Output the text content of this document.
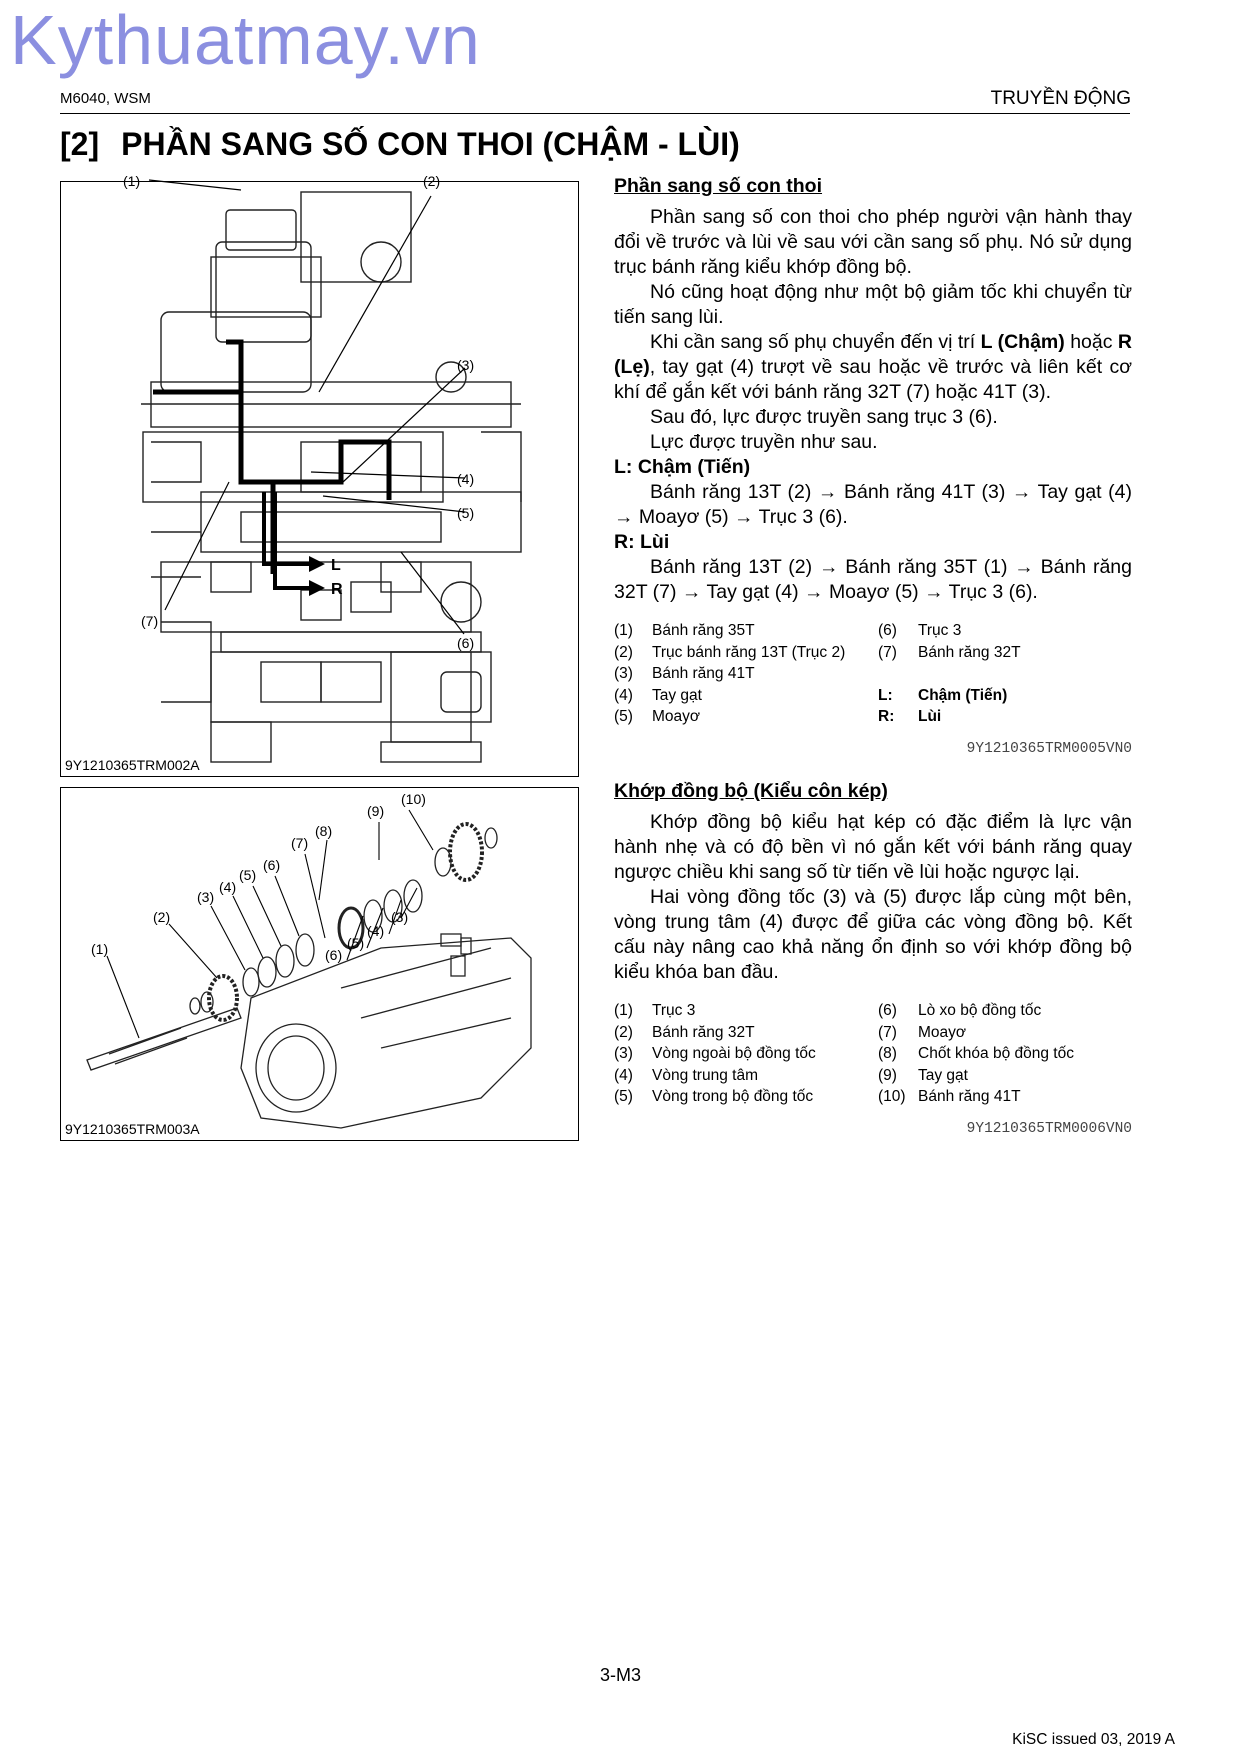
Kythuatmay.vn
M6040, WSM	TRUYỀN ĐỘNG
[2] PHẦN SANG SỐ CON THOI (CHẬM - LÙI)
(1)	(2)
(3)
(4)
(5)
(6)
(7)
L
R
9Y1210365TRM002A
(1)
(2)
(3)
(4)
(5)
(6)
(7)
(8)
(9)
(10)
(4)
(5)
(6)
(3)
9Y1210365TRM003A
Phần sang số con thoi

Phần sang số con thoi cho phép người vận hành thay đổi về trước và lùi về sau với cần sang số phụ. Nó sử dụng trục bánh răng kiểu khớp đồng bộ.

Nó cũng hoạt động như một bộ giảm tốc khi chuyển từ tiến sang lùi.

Khi cần sang số phụ chuyển đến vị trí L (Chậm) hoặc R (Lẹ), tay gạt (4) trượt về sau hoặc về trước và liên kết cơ khí để gắn kết với bánh răng 32T (7) hoặc 41T (3).

Sau đó, lực được truyền sang trục 3 (6).

Lực được truyền như sau.

L: Chậm (Tiến)

Bánh răng 13T (2) → Bánh răng 41T (3) → Tay gạt (4) → Moayơ (5) → Trục 3 (6).

R: Lùi

Bánh răng 13T (2) → Bánh răng 35T (1) → Bánh răng 32T (7) → Tay gạt (4) → Moayơ (5) → Trục 3 (6).

(1)	Bánh răng 35T	(6)	Trục 3
(2)	Trục bánh răng 13T (Trục 2)	(7)	Bánh răng 32T
(3)	Bánh răng 41T		
(4)	Tay gạt	L:	Chậm (Tiến)
(5)	Moayơ	R:	Lùi
9Y1210365TRM0005VN0
Khớp đồng bộ (Kiểu côn kép)

Khớp đồng bộ kiểu hạt kép có đặc điểm là lực vận hành nhẹ và có độ bền vì nó gắn kết với bánh răng quay ngược chiều khi sang số từ tiến về lùi hoặc ngược lại.

Hai vòng đồng tốc (3) và (5) được lắp cùng một bên, vòng trung tâm (4) được để giữa các vòng đồng bộ. Kết cấu này nâng cao khả năng ổn định so với khớp đồng bộ kiểu khóa ban đầu.

(1)	Trục 3	(6)	Lò xo bộ đồng tốc
(2)	Bánh răng 32T	(7)	Moayơ
(3)	Vòng ngoài bộ đồng tốc	(8)	Chốt khóa bộ đồng tốc
(4)	Vòng trung tâm	(9)	Tay gạt
(5)	Vòng trong bộ đồng tốc	(10)	Bánh răng 41T
9Y1210365TRM0006VN0
3-M3
KiSC issued 03, 2019 A
